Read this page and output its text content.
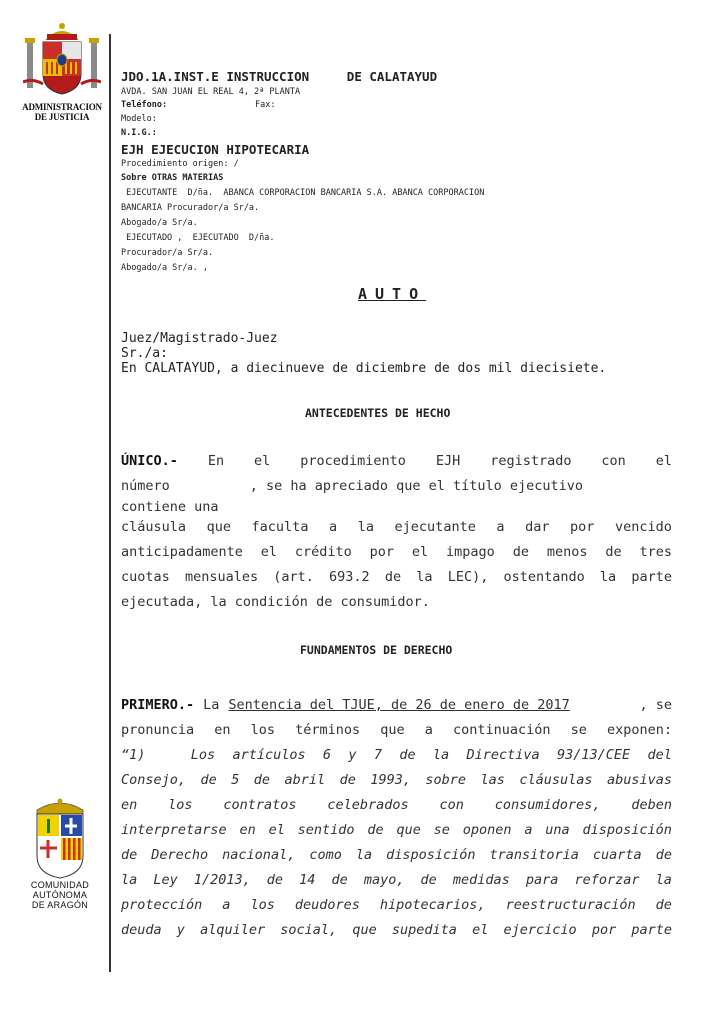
ADMINISTRACION
DE JUSTICIA
COMUNIDAD
AUTÓNOMA
DE ARAGÓN
JDO.1A.INST.E INSTRUCCION	DE CALATAYUD
AVDA. SAN JUAN EL REAL 4, 2ª PLANTA
Teléfono:	Fax:
Modelo:
N.I.G.:
EJH EJECUCION HIPOTECARIA
Procedimiento origen: /
Sobre OTRAS MATERIAS
EJECUTANTE  D/ña.  ABANCA CORPORACION BANCARIA S.A. ABANCA CORPORACION
BANCARIA Procurador/a Sr/a.
Abogado/a Sr/a.
EJECUTADO ,  EJECUTADO  D/ña.
Procurador/a Sr/a.
Abogado/a Sr/a. ,
AUTO
Juez/Magistrado-Juez
Sr./a:
En CALATAYUD, a diecinueve de diciembre de dos mil diecisiete.
ANTECEDENTES DE HECHO
ÚNICO.- En el procedimiento EJH registrado con el
número	, se ha apreciado que el título ejecutivo
contiene una
cláusula que faculta a la ejecutante a dar por vencido
anticipadamente el crédito por el impago de menos de tres
cuotas mensuales (art. 693.2 de la LEC), ostentando la parte
ejecutada, la condición de consumidor.
FUNDAMENTOS DE DERECHO
PRIMERO.- La Sentencia del TJUE, de 26 de enero de 2017	, se
pronuncia en los términos que a continuación se exponen:
“1)	Los artículos 6 y 7 de la Directiva 93/13/CEE del
Consejo, de 5 de abril de 1993, sobre las cláusulas abusivas
en los contratos celebrados con consumidores, deben
interpretarse en el sentido de que se oponen a una disposición
de Derecho nacional, como la disposición transitoria cuarta de
la Ley 1/2013, de 14 de mayo, de medidas para reforzar la
protección a los deudores hipotecarios, reestructuración de
deuda y alquiler social, que supedita el ejercicio por parte
